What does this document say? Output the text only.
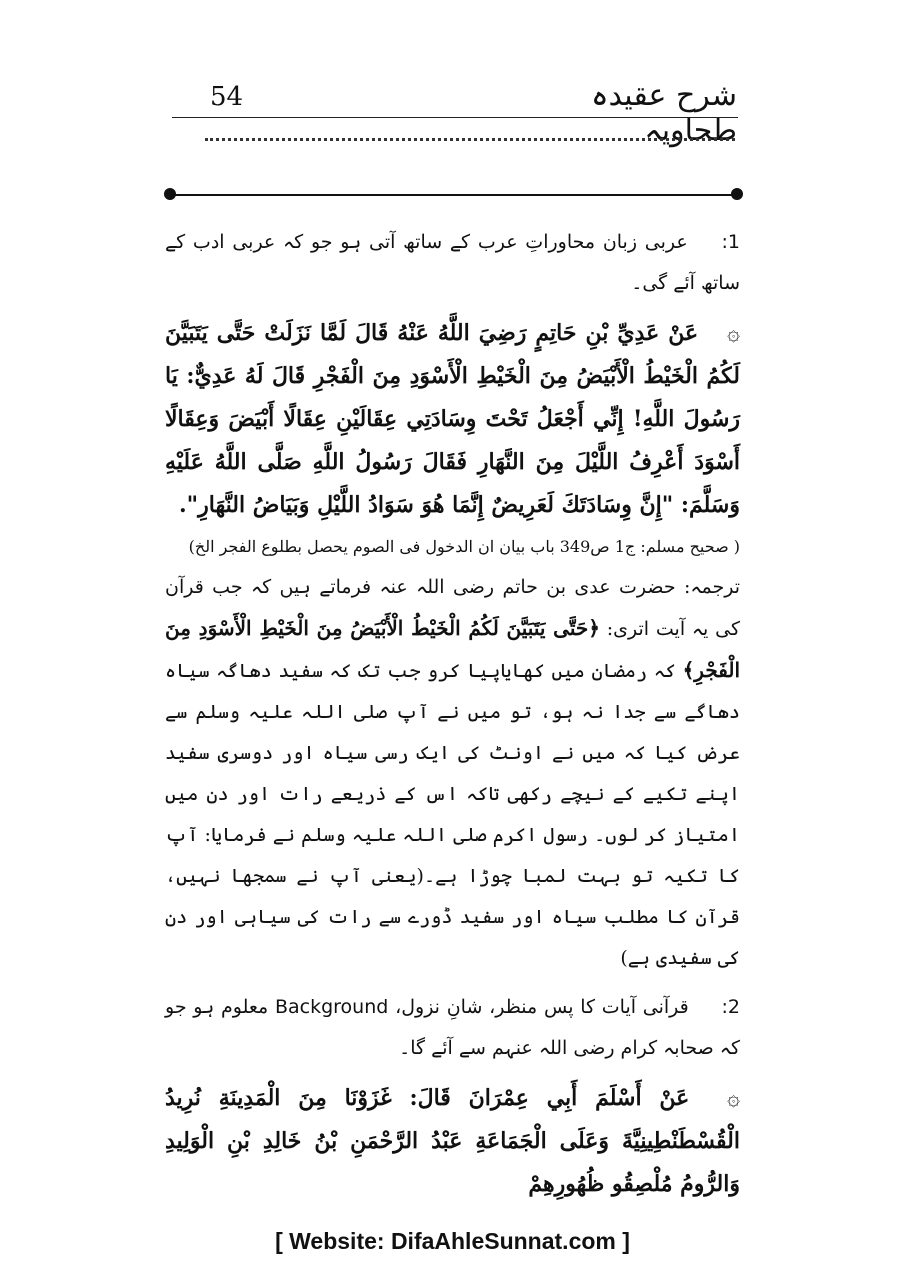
شرح عقیدہ طحاویہ
54

1: عربی زبان محاوراتِ عرب کے ساتھ آتی ہو جو کہ عربی ادب کے ساتھ آئے گی۔

۞ عَنْ عَدِيِّ بْنِ حَاتِمٍ رَضِيَ اللَّهُ عَنْهُ قَالَ لَمَّا نَزَلَتْ حَتَّى يَتَبَيَّنَ لَكُمُ الْخَيْطُ الْأَبْيَضُ مِنَ الْخَيْطِ الْأَسْوَدِ مِنَ الْفَجْرِ قَالَ لَهُ عَدِيٌّ: يَا رَسُولَ اللَّهِ! إِنِّي أَجْعَلُ تَحْتَ وِسَادَتِي عِقَالَيْنِ عِقَالًا أَبْيَضَ وَعِقَالًا أَسْوَدَ أَعْرِفُ اللَّيْلَ مِنَ النَّهَارِ فَقَالَ رَسُولُ اللَّهِ صَلَّى اللَّهُ عَلَيْهِ وَسَلَّمَ: "إِنَّ وِسَادَتَكَ لَعَرِيضٌ إِنَّمَا هُوَ سَوَادُ اللَّيْلِ وَبَيَاضُ النَّهَارِ".

( صحیح مسلم: ج1 ص349 باب بیان ان الدخول فی الصوم یحصل بطلوع الفجر الخ)

ترجمہ: حضرت عدی بن حاتم رضی اللہ عنہ فرماتے ہیں کہ جب قرآن کی یہ آیت اتری: ﴿حَتَّى يَتَبَيَّنَ لَكُمُ الْخَيْطُ الْأَبْيَضُ مِنَ الْخَيْطِ الْأَسْوَدِ مِنَ الْفَجْرِ﴾ کہ رمضان میں کھایاپیا کرو جب تک کہ سفید دھاگہ سیاہ دھاگے سے جدا نہ ہو، تو میں نے آپ صلی اللہ علیہ وسلم سے عرض کیا کہ میں نے اونٹ کی ایک رسی سیاہ اور دوسری سفید اپنے تکیے کے نیچے رکھی تاکہ اس کے ذریعے رات اور دن میں امتیاز کر لوں۔ رسول اکرم صلی اللہ علیہ وسلم نے فرمایا: آپ کا تکیہ تو بہت لمبا چوڑا ہے۔(یعنی آپ نے سمجھا نہیں، قرآن کا مطلب سیاہ اور سفید ڈورے سے رات کی سیاہی اور دن کی سفیدی ہے)

2: قرآنی آیات کا پس منظر، شانِ نزول، Background معلوم ہو جو کہ صحابہ کرام رضی اللہ عنہم سے آئے گا۔

۞ عَنْ أَسْلَمَ أَبِي عِمْرَانَ قَالَ: غَزَوْنَا مِنَ الْمَدِينَةِ نُرِيدُ الْقُسْطَنْطِينِيَّةَ وَعَلَى الْجَمَاعَةِ عَبْدُ الرَّحْمَنِ بْنُ خَالِدِ بْنِ الْوَلِيدِ وَالرُّومُ مُلْصِقُو ظُهُورِهِمْ

[ Website: DifaAhleSunnat.com ]
